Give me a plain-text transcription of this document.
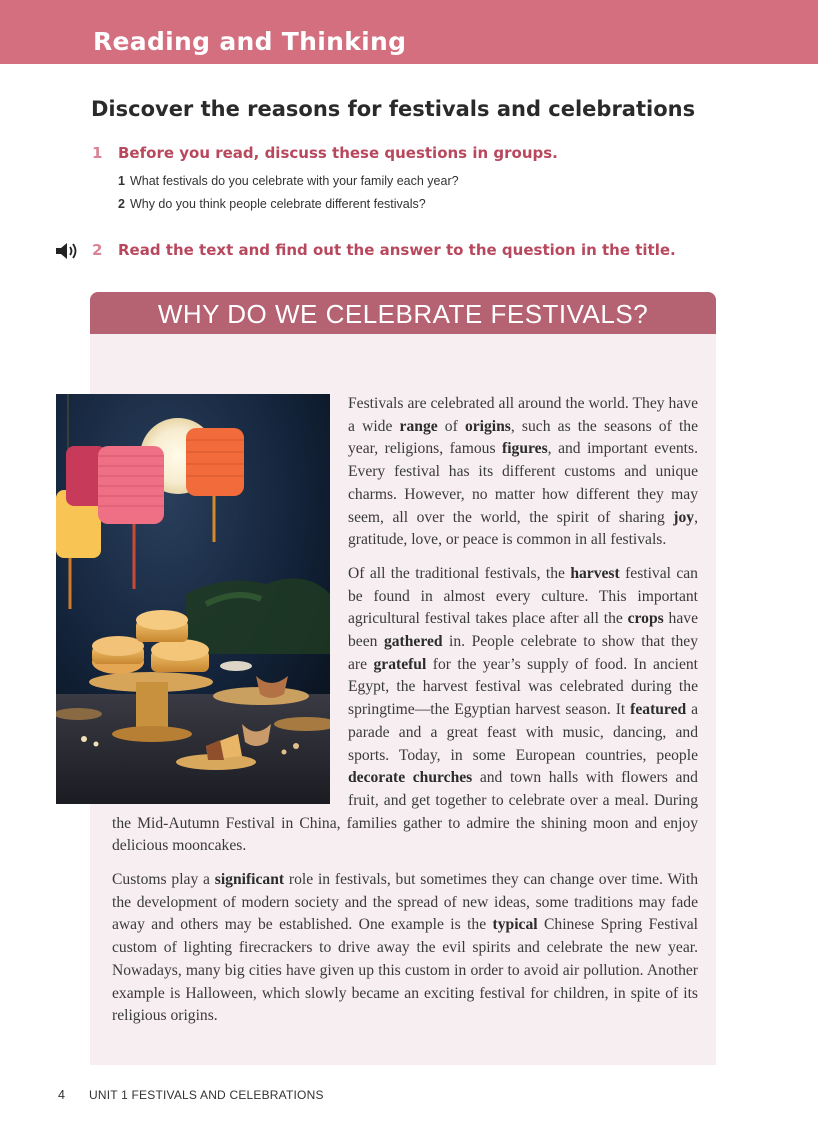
Reading and Thinking
Discover the reasons for festivals and celebrations
1 Before you read, discuss these questions in groups.
1 What festivals do you celebrate with your family each year?
2 Why do you think people celebrate different festivals?
2 Read the text and find out the answer to the question in the title.
WHY DO WE CELEBRATE FESTIVALS?

Festivals are celebrated all around the world. They have a wide range of origins, such as the seasons of the year, religions, famous figures, and important events. Every festival has its different customs and unique charms. However, no matter how different they may seem, all over the world, the spirit of sharing joy, gratitude, love, or peace is common in all festivals.

Of all the traditional festivals, the harvest festival can be found in almost every culture. This important agricultural festival takes place after all the crops have been gathered in. People celebrate to show that they are grateful for the year’s supply of food. In ancient Egypt, the harvest festival was celebrated during the springtime—the Egyptian harvest season. It featured a parade and a great feast with music, dancing, and sports. Today, in some European countries, people decorate churches and town halls with flowers and fruit, and get together to celebrate over a meal. During the Mid-Autumn Festival in China, families gather to admire the shining moon and enjoy delicious mooncakes.

Customs play a significant role in festivals, but sometimes they can change over time. With the development of modern society and the spread of new ideas, some traditions may fade away and others may be established. One example is the typical Chinese Spring Festival custom of lighting firecrackers to drive away the evil spirits and celebrate the new year. Nowadays, many big cities have given up this custom in order to avoid air pollution. Another example is Halloween, which slowly became an exciting festival for children, in spite of its religious origins.

4 UNIT 1 FESTIVALS AND CELEBRATIONS
